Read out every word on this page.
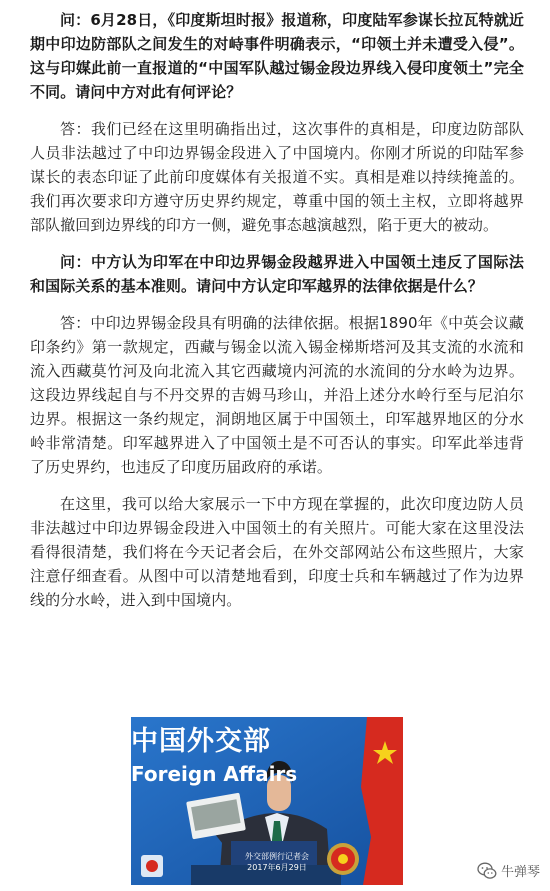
问：6月28日，《印度斯坦时报》报道称，印度陆军参谋长拉瓦特就近期中印边防部队之间发生的对峙事件明确表示，“印领土并未遭受入侵”。这与印媒此前一直报道的“中国军队越过锡金段边界线入侵印度领土”完全不同。请问中方对此有何评论？

答：我们已经在这里明确指出过，这次事件的真相是，印度边防部队人员非法越过了中印边界锡金段进入了中国境内。你刚才所说的印陆军参谋长的表态印证了此前印度媒体有关报道不实。真相是难以持续掩盖的。我们再次要求印方遵守历史界约规定，尊重中国的领土主权，立即将越界部队撤回到边界线的印方一侧，避免事态越演越烈，陷于更大的被动。

问：中方认为印军在中印边界锡金段越界进入中国领土违反了国际法和国际关系的基本准则。请问中方认定印军越界的法律依据是什么？

答：中印边界锡金段具有明确的法律依据。根据1890年《中英会议藏印条约》第一款规定，西藏与锡金以流入锡金梯斯塔河及其支流的水流和流入西藏莫竹河及向北流入其它西藏境内河流的水流间的分水岭为边界。这段边界线起自与不丹交界的吉姆马珍山，并沿上述分水岭行至与尼泊尔边界。根据这一条约规定，洞朗地区属于中国领土，印军越界地区的分水岭非常清楚。印军越界进入了中国领土是不可否认的事实。印军此举违背了历史界约，也违反了印度历届政府的承诺。

在这里，我可以给大家展示一下中方现在掌握的，此次印度边防人员非法越过中印边界锡金段进入中国领土的有关照片。可能大家在这里没法看得很清楚，我们将在今天记者会后，在外交部网站公布这些照片，大家注意仔细查看。从图中可以清楚地看到，印度士兵和车辆越过了作为边界线的分水岭，进入到中国境内。

中国外交部
Foreign Affairs
外交部例行记者会
2017年6月29日	牛弹琴
